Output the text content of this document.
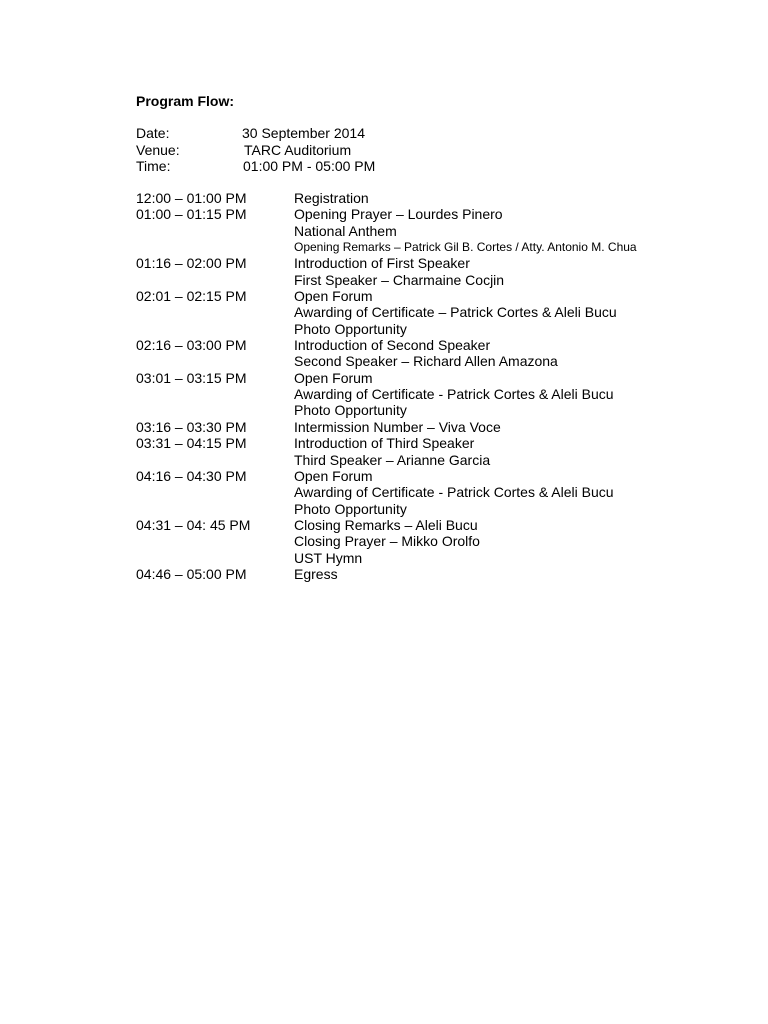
Program Flow:
Date:	30 September 2014
Venue:	TARC Auditorium
Time:	01:00 PM - 05:00 PM
12:00 – 01:00 PM	Registration
01:00 – 01:15 PM	Opening Prayer – Lourdes Pinero
National Anthem
Opening Remarks – Patrick Gil B. Cortes / Atty. Antonio M. Chua
01:16 – 02:00 PM	Introduction of First Speaker
First Speaker – Charmaine Cocjin
02:01 – 02:15 PM	Open Forum
Awarding of Certificate – Patrick Cortes & Aleli Bucu
Photo Opportunity
02:16 – 03:00 PM	Introduction of Second Speaker
Second Speaker – Richard Allen Amazona
03:01 – 03:15 PM	Open Forum
Awarding of Certificate - Patrick Cortes & Aleli Bucu
Photo Opportunity
03:16 – 03:30 PM	Intermission Number – Viva Voce
03:31 – 04:15 PM	Introduction of Third Speaker
Third Speaker – Arianne Garcia
04:16 – 04:30 PM	Open Forum
Awarding of Certificate - Patrick Cortes & Aleli Bucu
Photo Opportunity
04:31 – 04: 45 PM	Closing Remarks – Aleli Bucu
Closing Prayer – Mikko Orolfo
UST Hymn
04:46 – 05:00 PM	Egress
